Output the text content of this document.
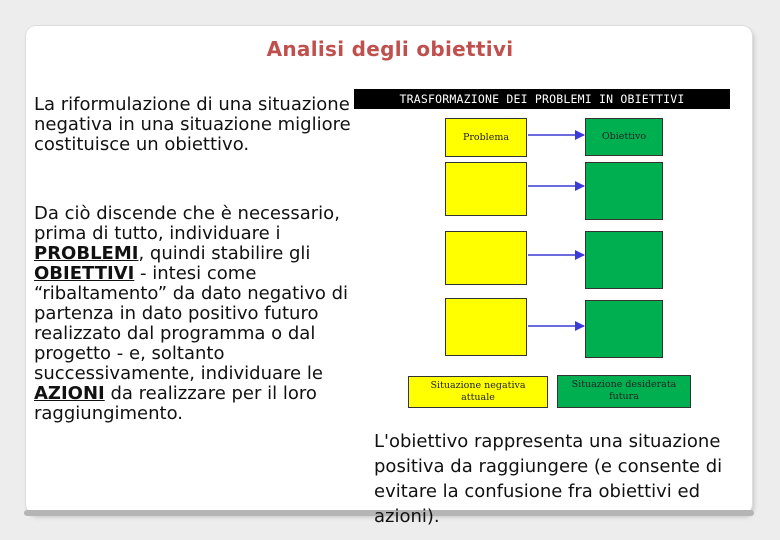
Analisi degli obiettivi
La riformulazione di una situazione negativa in una situazione migliore costituisce un obiettivo.
Da ciò discende che è necessario, prima di tutto, individuare i PROBLEMI, quindi stabilire gli OBIETTIVI - intesi come “ribaltamento” da dato negativo di partenza in dato positivo futuro realizzato dal programma o dal progetto - e, soltanto successivamente, individuare le AZIONI da realizzare per il loro raggiungimento.
TRASFORMAZIONE DEI PROBLEMI IN OBIETTIVI
Problema
Situazione negativa attuale
Obiettivo
Situazione desiderata futura
L'obiettivo rappresenta una situazione positiva da raggiungere (e consente di evitare la confusione fra obiettivi ed azioni).
